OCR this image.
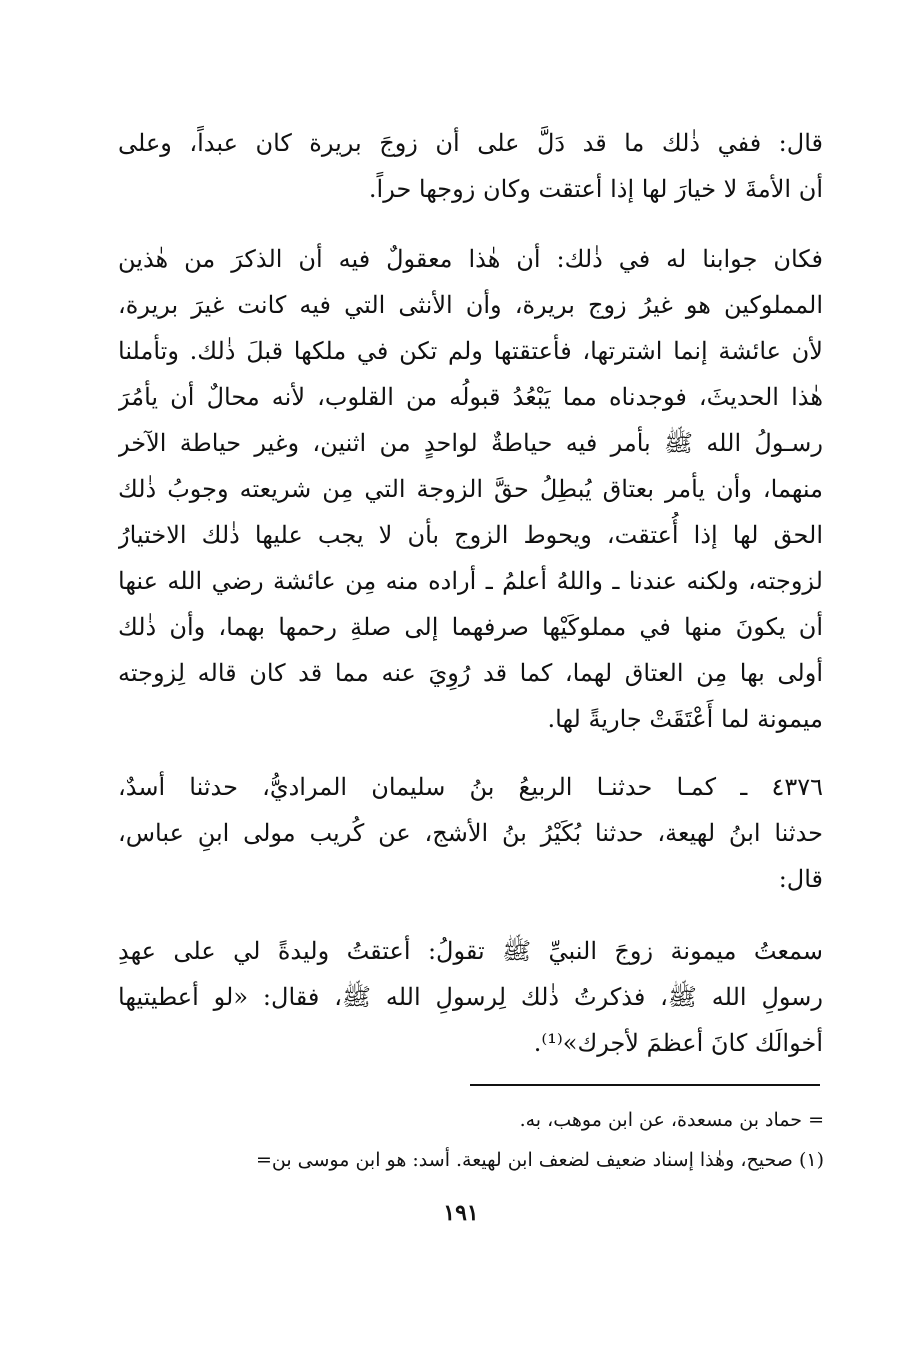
قال: ففي ذٰلك ما قد دَلَّ على أن زوجَ بريرة كان عبداً، وعلى
أن الأمةَ لا خيارَ لها إذا أعتقت وكان زوجها حراً.
فكان جوابنا له في ذٰلك: أن هٰذا معقولٌ فيه أن الذكرَ من هٰذين
المملوكين هو غيرُ زوج بريرة، وأن الأنثى التي فيه كانت غيرَ بريرة،
لأن عائشة إنما اشترتها، فأعتقتها ولم تكن في ملكها قبلَ ذٰلك. وتأملنا
هٰذا الحديثَ، فوجدناه مما يَبْعُدُ قبولُه من القلوب، لأنه محالٌ أن يأمُرَ
رسـولُ الله ﷺ بأمر فيه حياطةٌ لواحدٍ من اثنين، وغير حياطة الآخر
منهما، وأن يأمر بعتاق يُبطِلُ حقَّ الزوجة التي مِن شريعته وجوبُ ذٰلك
الحق لها إذا أُعتقت، ويحوط الزوج بأن لا يجب عليها ذٰلك الاختيارُ
لزوجته، ولكنه عندنا ـ واللهُ أعلمُ ـ أراده منه مِن عائشة رضي الله عنها
أن يكونَ منها في مملوكَيْها صرفهما إلى صلةِ رحمها بهما، وأن ذٰلك
أولى بها مِن العتاق لهما، كما قد رُوِيَ عنه مما قد كان قاله لِزوجته
ميمونة لما أَعْتَقَتْ جاريةً لها.
٤٣٧٦ ـ كمـا حدثنـا الربيعُ بنُ سليمان المراديُّ، حدثنا أسدٌ،
حدثنا ابنُ لهيعة، حدثنا بُكَيْرُ بنُ الأشج، عن كُريب مولى ابنِ عباس،
قال:
سمعتُ ميمونة زوجَ النبيِّ ﷺ تقولُ: أعتقتُ وليدةً لي على عهدِ
رسولِ الله ﷺ، فذكرتُ ذٰلك لِرسولِ الله ﷺ، فقال: «لو أعطيتيها
أخوالَك كانَ أعظمَ لأجرك»⁽¹⁾.
= حماد بن مسعدة، عن ابن موهب، به.
(١) صحيح، وهٰذا إسناد ضعيف لضعف ابن لهيعة. أسد: هو ابن موسى بن=
١٩١
